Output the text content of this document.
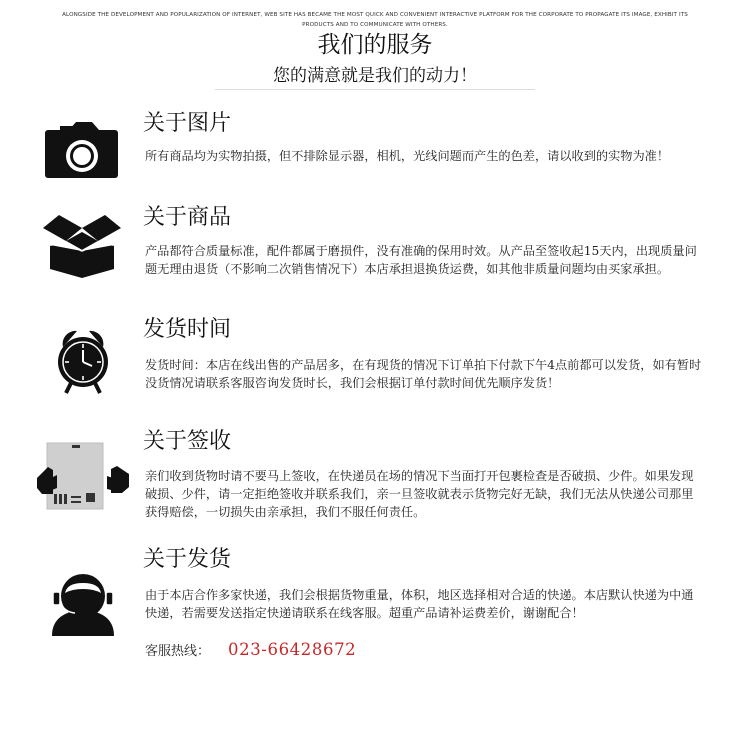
ALONGSIDE THE DEVELOPMENT AND POPULARIZATION OF INTERNET, WEB SITE HAS BECAME THE MOST QUICK AND CONVENIENT INTERACTIVE PLATFORM FOR THE CORPORATE TO PROPAGATE ITS IMAGE, EXHIBIT ITS PRODUCTS AND TO COMMUNICATE WITH OTHERS.
我们的服务
您的满意就是我们的动力！
关于图片
所有商品均为实物拍摄，但不排除显示器，相机，光线问题而产生的色差，请以收到的实物为准！
关于商品
产品都符合质量标准，配件都属于磨损件，没有准确的保用时效。从产品至签收起15天内，出现质量问题无理由退货（不影响二次销售情况下）本店承担退换货运费，如其他非质量问题均由买家承担。
发货时间
发货时间：本店在线出售的产品居多，在有现货的情况下订单拍下付款下午4点前都可以发货，如有暂时没货情况请联系客服咨询发货时长，我们会根据订单付款时间优先顺序发货！
关于签收
亲们收到货物时请不要马上签收，在快递员在场的情况下当面打开包裹检查是否破损、少件。如果发现破损、少件，请一定拒绝签收并联系我们，亲一旦签收就表示货物完好无缺，我们无法从快递公司那里获得赔偿，一切损失由亲承担，我们不服任何责任。
关于发货
由于本店合作多家快递，我们会根据货物重量，体积，地区选择相对合适的快递。本店默认快递为中通快递，若需要发送指定快递请联系在线客服。超重产品请补运费差价，谢谢配合！
客服热线： 023-66428672
